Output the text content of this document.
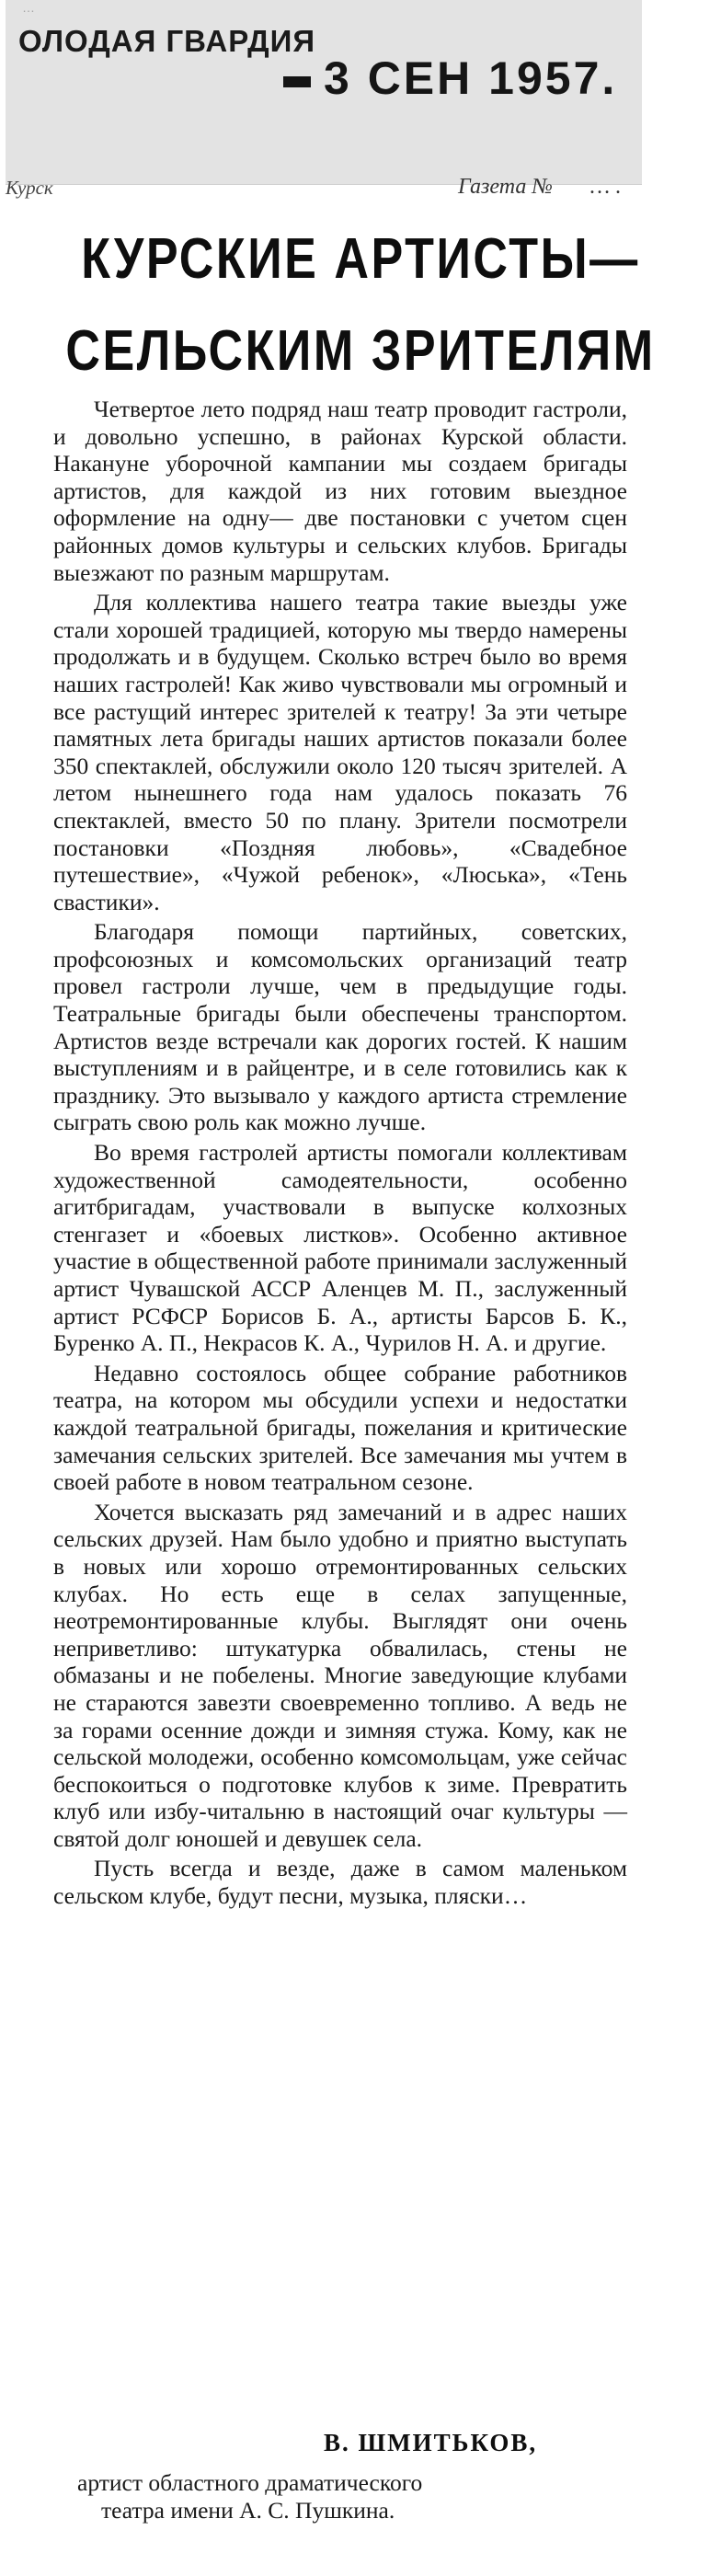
…
ОЛОДАЯ ГВАРДИЯ
3 СЕН 1957.
Курск	Газета № ….
КУРСКИЕ АРТИСТЫ—
СЕЛЬСКИМ ЗРИТЕЛЯМ

Четвертое лето подряд наш театр проводит гастроли, и довольно успешно, в районах Курской области. Накануне уборочной кампании мы создаем бригады артистов, для каждой из них готовим выездное оформление на одну— две постановки с учетом сцен районных домов культуры и сельских клубов. Бригады выезжают по разным маршрутам.

Для коллектива нашего театра такие выезды уже стали хорошей традицией, которую мы твердо намерены продолжать и в будущем. Сколько встреч было во время наших гастролей! Как живо чувствовали мы огромный и все растущий интерес зрителей к театру! За эти четыре памятных лета бригады наших артистов показали более 350 спектаклей, обслужили около 120 тысяч зрителей. А летом нынешнего года нам удалось показать 76 спектаклей, вместо 50 по плану. Зрители посмотрели постановки «Поздняя любовь», «Свадебное путешествие», «Чужой ребенок», «Люська», «Тень свастики».

Благодаря помощи партийных, советских, профсоюзных и комсомольских организаций театр провел гастроли лучше, чем в предыдущие годы. Театральные бригады были обеспечены транспортом. Артистов везде встречали как дорогих гостей. К нашим выступлениям и в райцентре, и в селе готовились как к празднику. Это вызывало у каждого артиста стремление сыграть свою роль как можно лучше.

Во время гастролей артисты помогали коллективам художественной самодеятельности, особенно агитбригадам, участвовали в выпуске колхозных стенгазет и «боевых листков». Особенно активное участие в общественной работе принимали заслуженный артист Чувашской АССР Аленцев М. П., заслуженный артист РСФСР Борисов Б. А., артисты Барсов Б. К., Буренко А. П., Некрасов К. А., Чурилов Н. А. и другие.

Недавно состоялось общее собрание работников театра, на котором мы обсудили успехи и недостатки каждой театральной бригады, пожелания и критические замечания сельских зрителей. Все замечания мы учтем в своей работе в новом театральном сезоне.

Хочется высказать ряд замечаний и в адрес наших сельских друзей. Нам было удобно и приятно выступать в новых или хорошо отремонтированных сельских клубах. Но есть еще в селах запущенные, неотремонтированные клубы. Выглядят они очень неприветливо: штукатурка обвалилась, стены не обмазаны и не побелены. Многие заведующие клубами не стараются завезти своевременно топливо. А ведь не за горами осенние дожди и зимняя стужа. Кому, как не сельской молодежи, особенно комсомольцам, уже сейчас беспокоиться о подготовке клубов к зиме. Превратить клуб или избу-читальню в настоящий очаг культуры — святой долг юношей и девушек села.

Пусть всегда и везде, даже в самом маленьком сельском клубе, будут песни, музыка, пляски…

В. ШМИТЬКОВ,
артист областного драматического
театра имени А. С. Пушкина.
